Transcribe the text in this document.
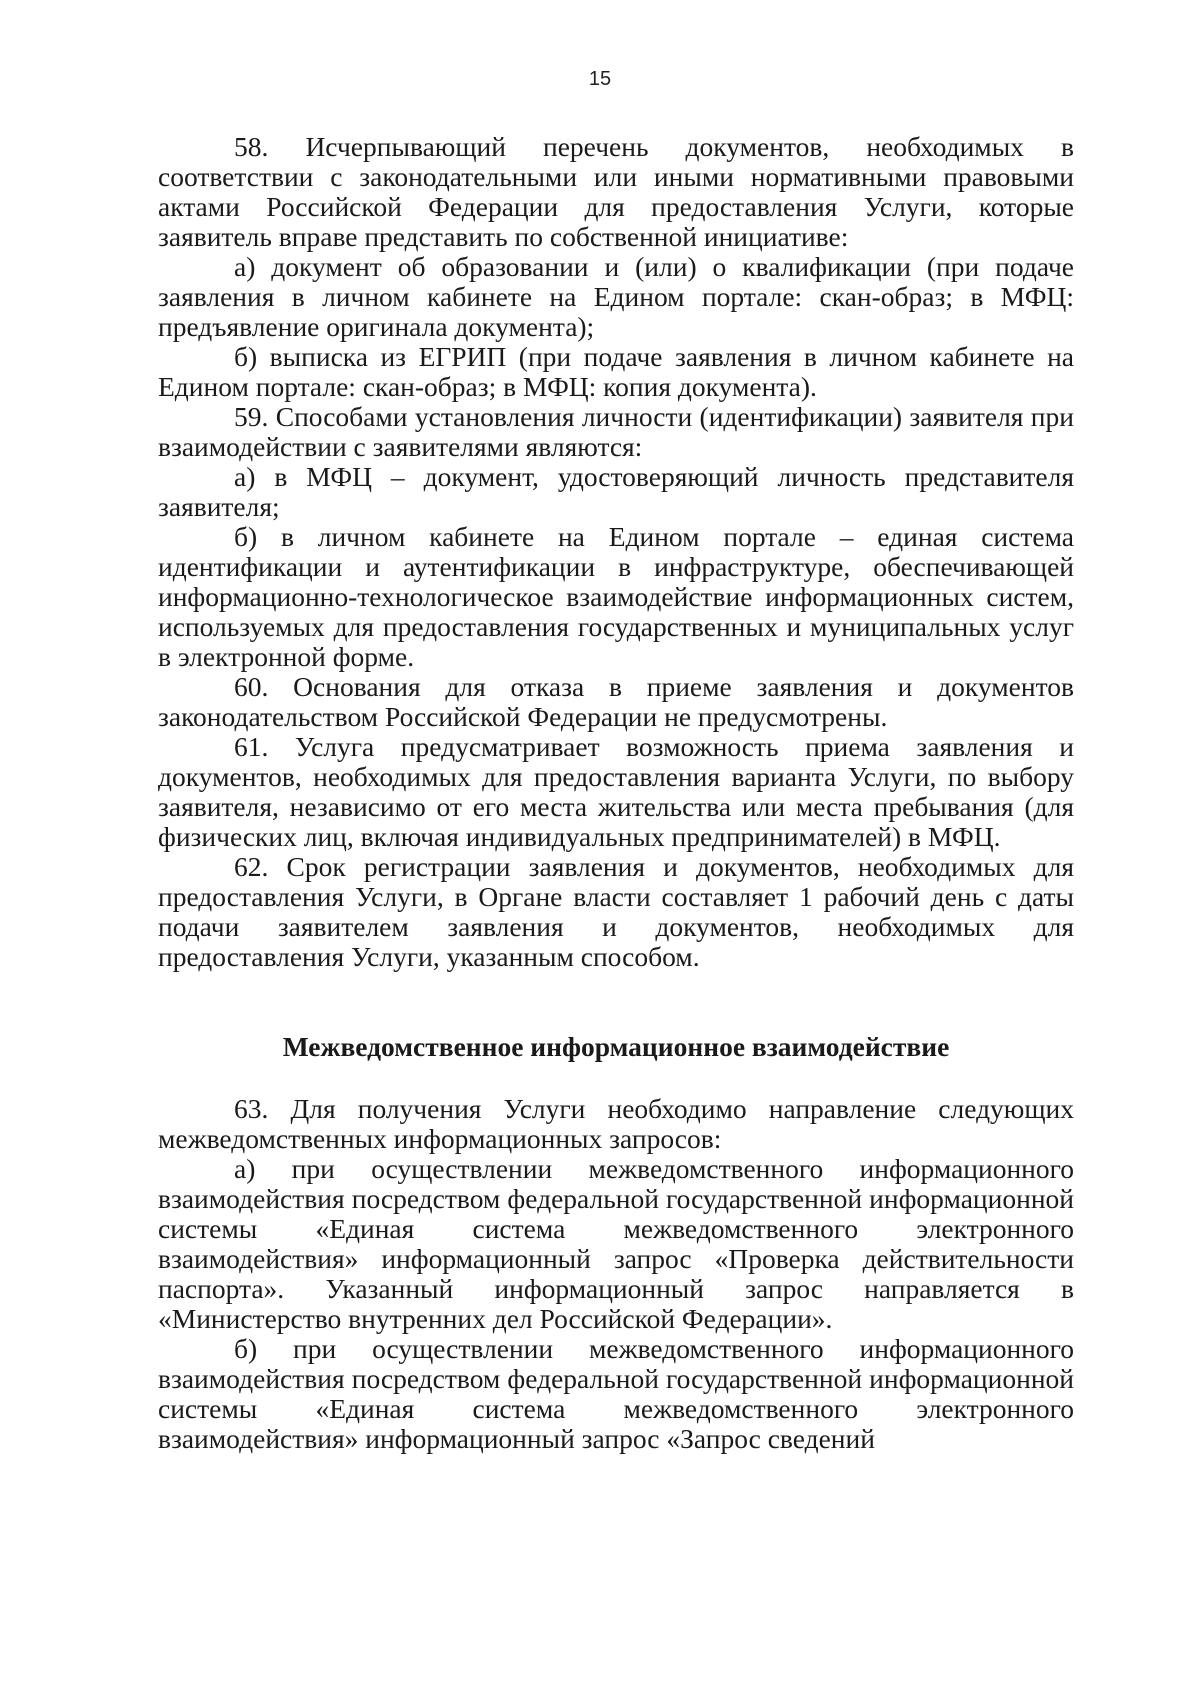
15

58. Исчерпывающий перечень документов, необходимых в соответствии с законодательными или иными нормативными правовыми актами Российской Федерации для предоставления Услуги, которые заявитель вправе представить по собственной инициативе:

а) документ об образовании и (или) о квалификации (при подаче заявления в личном кабинете на Едином портале: скан-образ; в МФЦ: предъявление оригинала документа);

б) выписка из ЕГРИП (при подаче заявления в личном кабинете на Едином портале: скан-образ; в МФЦ: копия документа).

59. Способами установления личности (идентификации) заявителя при взаимодействии с заявителями являются:

а) в МФЦ – документ, удостоверяющий личность представителя заявителя;

б) в личном кабинете на Едином портале – единая система идентификации и аутентификации в инфраструктуре, обеспечивающей информационно-технологическое взаимодействие информационных систем, используемых для предоставления государственных и муниципальных услуг в электронной форме.

60. Основания для отказа в приеме заявления и документов законодательством Российской Федерации не предусмотрены.

61. Услуга предусматривает возможность приема заявления и документов, необходимых для предоставления варианта Услуги, по выбору заявителя, независимо от его места жительства или места пребывания (для физических лиц, включая индивидуальных предпринимателей) в МФЦ.

62. Срок регистрации заявления и документов, необходимых для предоставления Услуги, в Органе власти составляет 1 рабочий день с даты подачи заявителем заявления и документов, необходимых для предоставления Услуги, указанным способом.

Межведомственное информационное взаимодействие

63. Для получения Услуги необходимо направление следующих межведомственных информационных запросов:

а) при осуществлении межведомственного информационного взаимодействия посредством федеральной государственной информационной системы «Единая система межведомственного электронного взаимодействия» информационный запрос «Проверка действительности паспорта». Указанный информационный запрос направляется в «Министерство внутренних дел Российской Федерации».

б) при осуществлении межведомственного информационного взаимодействия посредством федеральной государственной информационной системы «Единая система межведомственного электронного взаимодействия» информационный запрос «Запрос сведений
